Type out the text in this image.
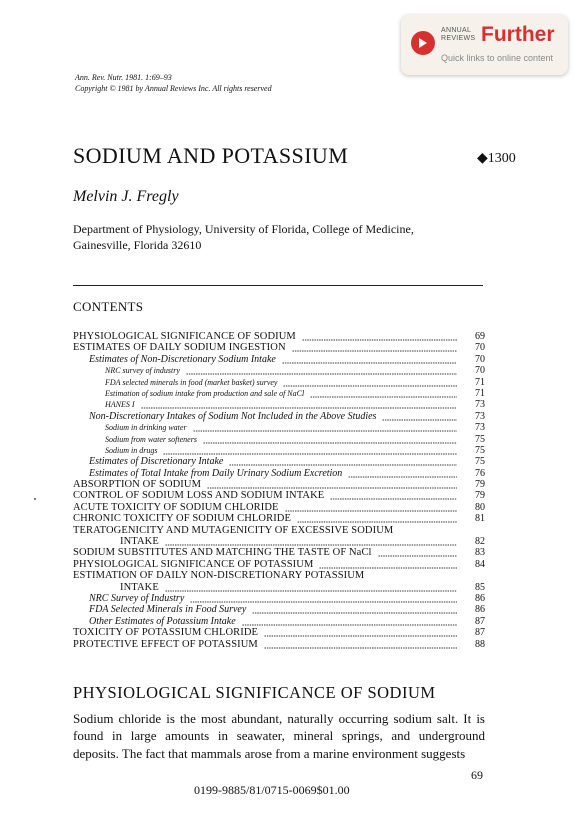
ANNUAL REVIEWS Further
Quick links to online content
Ann. Rev. Nutr. 1981. 1:69–93
Copyright © 1981 by Annual Reviews Inc. All rights reserved
SODIUM AND POTASSIUM	◆1300
Melvin J. Fregly
Department of Physiology, University of Florida, College of Medicine,
Gainesville, Florida 32610
CONTENTS
PHYSIOLOGICAL SIGNIFICANCE OF SODIUM	69
ESTIMATES OF DAILY SODIUM INGESTION	70
Estimates of Non-Discretionary Sodium Intake	70
NRC survey of industry	70
FDA selected minerals in food (market basket) survey	71
Estimation of sodium intake from production and sale of NaCl	71
HANES I	73
Non-Discretionary Intakes of Sodium Not Included in the Above Studies	73
Sodium in drinking water	73
Sodium from water softeners	75
Sodium in drugs	75
Estimates of Discretionary Intake	75
Estimates of Total Intake from Daily Urinary Sodium Excretion	76
ABSORPTION OF SODIUM	79
CONTROL OF SODIUM LOSS AND SODIUM INTAKE	79
ACUTE TOXICITY OF SODIUM CHLORIDE	80
CHRONIC TOXICITY OF SODIUM CHLORIDE	81
TERATOGENICITY AND MUTAGENICITY OF EXCESSIVE SODIUM
INTAKE	82
SODIUM SUBSTITUTES AND MATCHING THE TASTE OF NaCl	83
PHYSIOLOGICAL SIGNIFICANCE OF POTASSIUM	84
ESTIMATION OF DAILY NON-DISCRETIONARY POTASSIUM
INTAKE	85
NRC Survey of Industry	86
FDA Selected Minerals in Food Survey	86
Other Estimates of Potassium Intake	87
TOXICITY OF POTASSIUM CHLORIDE	87
PROTECTIVE EFFECT OF POTASSIUM	88
PHYSIOLOGICAL SIGNIFICANCE OF SODIUM
Sodium chloride is the most abundant, naturally occurring sodium salt. It is found in large amounts in seawater, mineral springs, and underground deposits. The fact that mammals arose from a marine environment suggests
69
0199-9885/81/0715-0069$01.00
